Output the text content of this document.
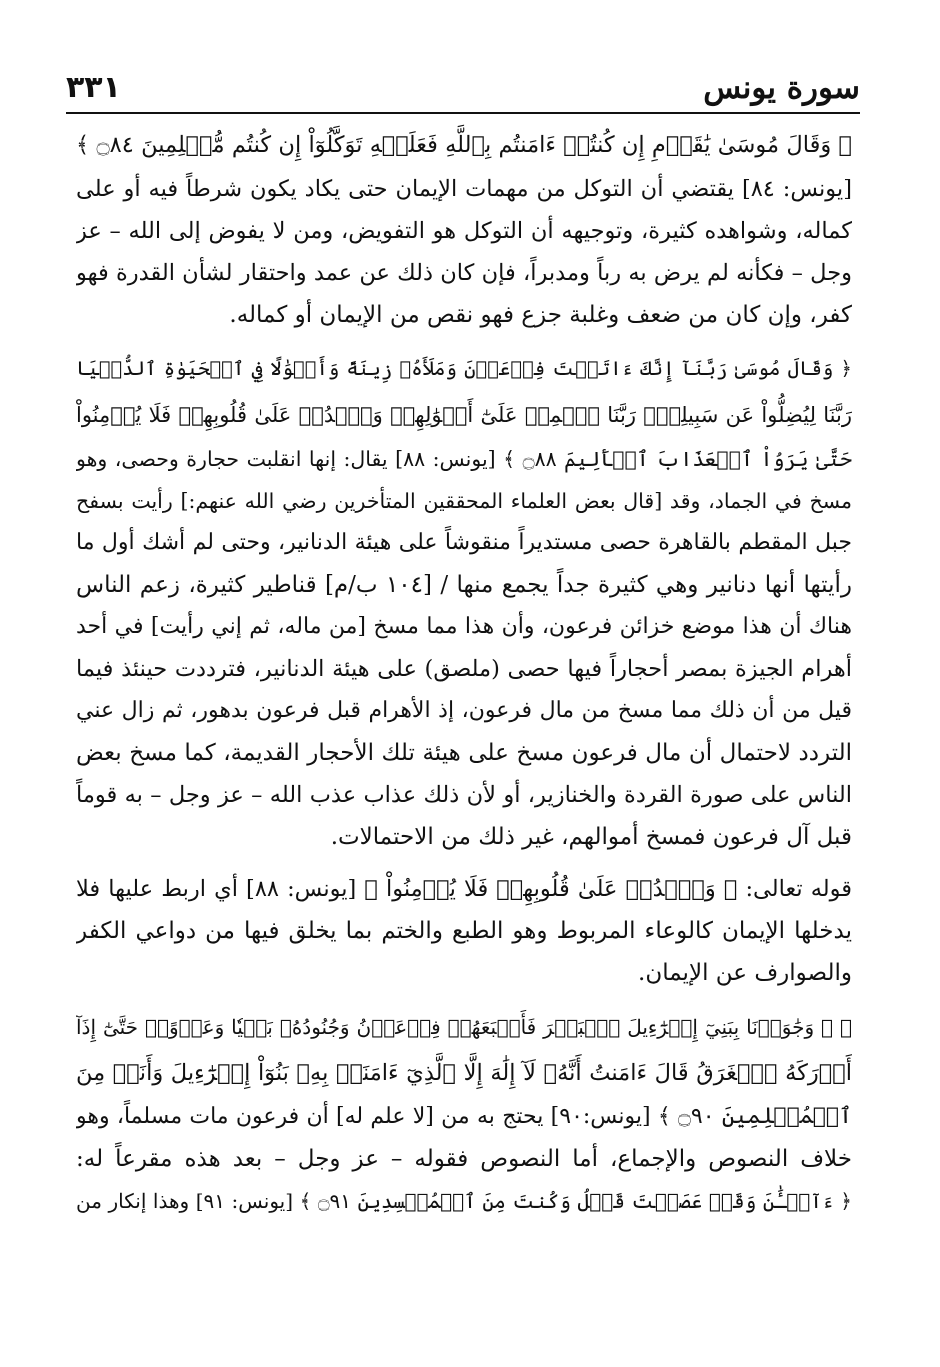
سورة يونس
٣٣١
﴿ وَقَالَ مُوسَىٰ يَٰقَوۡمِ إِن كُنتُمۡ ءَامَنتُم بِٱللَّهِ فَعَلَيۡهِ تَوَكَّلُوٓاْ إِن كُنتُم مُّسۡلِمِينَ ۝٨٤ ﴾
[يونس: ٨٤] يقتضي أن التوكل من مهمات الإيمان حتى يكاد يكون شرطاً فيه أو على
كماله، وشواهده كثيرة، وتوجيهه أن التوكل هو التفويض، ومن لا يفوض إلى الله – عز
وجل – فكأنه لم يرض به رباً ومدبراً، فإن كان ذلك عن عمد واحتقار لشأن القدرة فهو
كفر، وإن كان من ضعف وغلبة جزع فهو نقص من الإيمان أو كماله.
﴿ وَقَالَ مُوسَىٰ رَبَّنَآ إِنَّكَ ءَاتَيۡتَ فِرۡعَوۡنَ وَمَلَأَهُۥ زِينَةً وَأَمۡوَٰلًا فِي ٱلۡحَيَوٰةِ ٱلدُّنۡيَا
رَبَّنَا لِيُضِلُّواْ عَن سَبِيلِكَۖ رَبَّنَا ٱطۡمِسۡ عَلَىٰٓ أَمۡوَٰلِهِمۡ وَٱشۡدُدۡ عَلَىٰ قُلُوبِهِمۡ فَلَا يُؤۡمِنُواْ
حَتَّىٰ يَرَوُاْ ٱلۡعَذَابَ ٱلۡأَلِيمَ ۝٨٨ ﴾ [يونس: ٨٨] يقال: إنها انقلبت حجارة وحصى، وهو
مسخ في الجماد، وقد [قال بعض العلماء المحققين المتأخرين رضي الله عنهم:] رأيت بسفح
جبل المقطم بالقاهرة حصى مستديراً منقوشاً على هيئة الدنانير، وحتى لم أشك أول ما
رأيتها أنها دنانير وهي كثيرة جداً يجمع منها / [١٠٤ ب/م] قناطير كثيرة، زعم الناس
هناك أن هذا موضع خزائن فرعون، وأن هذا مما مسخ [من ماله، ثم إني رأيت] في أحد
أهرام الجيزة بمصر أحجاراً فيها حصى (ملصق) على هيئة الدنانير، فترددت حينئذ فيما
قيل من أن ذلك مما مسخ من مال فرعون، إذ الأهرام قبل فرعون بدهور، ثم زال عني
التردد لاحتمال أن مال فرعون مسخ على هيئة تلك الأحجار القديمة، كما مسخ بعض
الناس على صورة القردة والخنازير، أو لأن ذلك عذاب عذب الله – عز وجل – به قوماً
قبل آل فرعون فمسخ أموالهم، غير ذلك من الاحتمالات.
قوله تعالى: ﴿ وَٱشۡدُدۡ عَلَىٰ قُلُوبِهِمۡ فَلَا يُؤۡمِنُواْ ﴾ [يونس: ٨٨] أي اربط عليها فلا
يدخلها الإيمان كالوعاء المربوط وهو الطبع والختم بما يخلق فيها من دواعي الكفر
والصوارف عن الإيمان.
﴿ ۞ وَجَٰوَزۡنَا بِبَنِيٓ إِسۡرَٰٓءِيلَ ٱلۡبَحۡرَ فَأَتۡبَعَهُمۡ فِرۡعَوۡنُ وَجُنُودُهُۥ بَغۡيٗا وَعَدۡوًاۖ حَتَّىٰٓ إِذَآ
أَدۡرَكَهُ ٱلۡغَرَقُ قَالَ ءَامَنتُ أَنَّهُۥ لَآ إِلَٰهَ إِلَّا ٱلَّذِيٓ ءَامَنَتۡ بِهِۦ بَنُوٓاْ إِسۡرَٰٓءِيلَ وَأَنَا۠ مِنَ
ٱلۡمُسۡلِمِينَ ۝٩٠ ﴾ [يونس:٩٠] يحتج به من [لا علم له] أن فرعون مات مسلماً، وهو
خلاف النصوص والإجماع، أما النصوص فقوله – عز وجل – بعد هذه مقرعاً له:
﴿ ءَآلۡـَٰٔنَ وَقَدۡ عَصَيۡتَ قَبۡلُ وَكُنتَ مِنَ ٱلۡمُفۡسِدِينَ ۝٩١ ﴾ [يونس: ٩١] وهذا إنكار من
